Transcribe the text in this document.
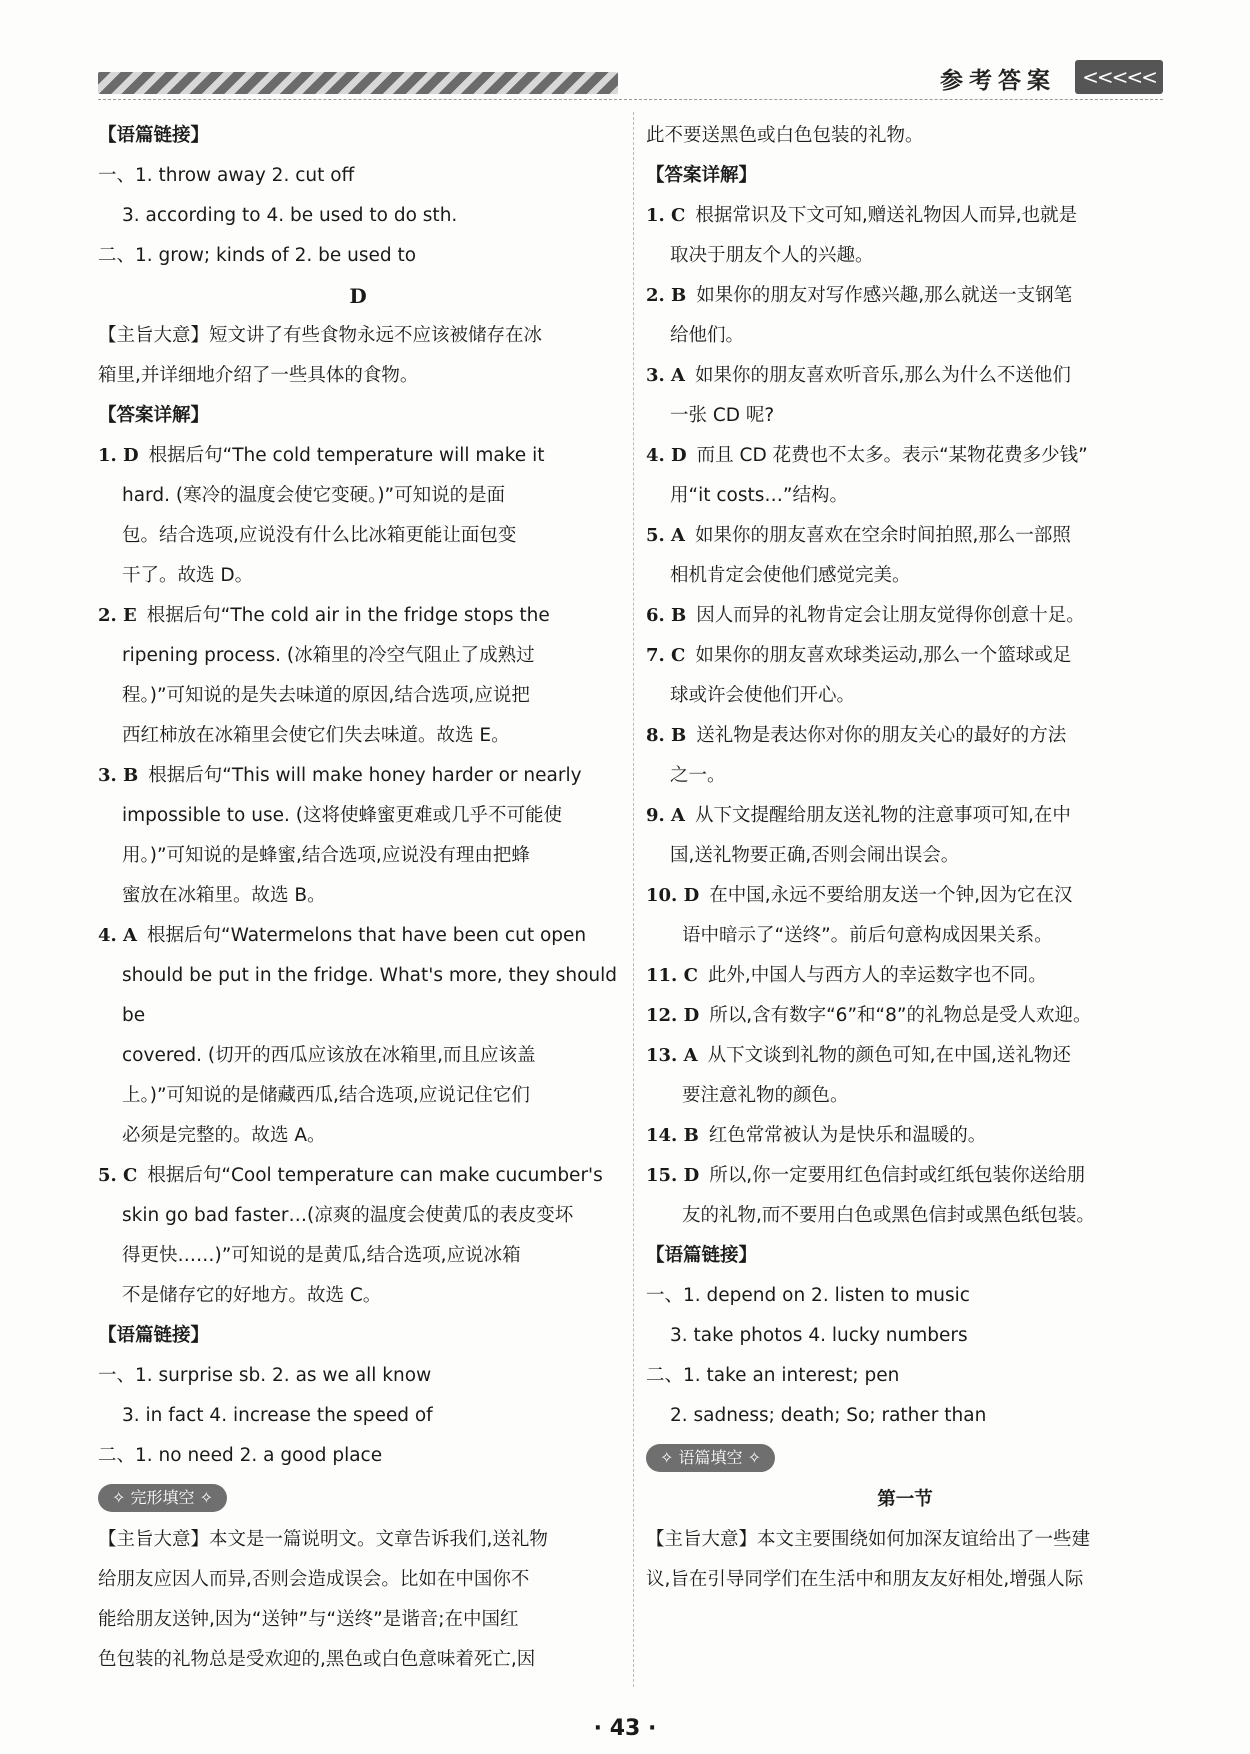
参考答案	<<<<<
【语篇链接】
一、1. throw away 2. cut off
3. according to 4. be used to do sth.
二、1. grow; kinds of 2. be used to
D
【主旨大意】短文讲了有些食物永远不应该被储存在冰
箱里,并详细地介绍了一些具体的食物。
【答案详解】
1. D 根据后句“The cold temperature will make it
hard. (寒冷的温度会使它变硬。)”可知说的是面
包。结合选项,应说没有什么比冰箱更能让面包变
干了。故选 D。
2. E 根据后句“The cold air in the fridge stops the
ripening process. (冰箱里的冷空气阻止了成熟过
程。)”可知说的是失去味道的原因,结合选项,应说把
西红柿放在冰箱里会使它们失去味道。故选 E。
3. B 根据后句“This will make honey harder or nearly
impossible to use. (这将使蜂蜜更难或几乎不可能使
用。)”可知说的是蜂蜜,结合选项,应说没有理由把蜂
蜜放在冰箱里。故选 B。
4. A 根据后句“Watermelons that have been cut open
should be put in the fridge. What's more, they should be
covered. (切开的西瓜应该放在冰箱里,而且应该盖
上。)”可知说的是储藏西瓜,结合选项,应说记住它们
必须是完整的。故选 A。
5. C 根据后句“Cool temperature can make cucumber's
skin go bad faster…(凉爽的温度会使黄瓜的表皮变坏
得更快……)”可知说的是黄瓜,结合选项,应说冰箱
不是储存它的好地方。故选 C。
【语篇链接】
一、1. surprise sb. 2. as we all know
3. in fact 4. increase the speed of
二、1. no need 2. a good place
✧ 完形填空 ✧
【主旨大意】本文是一篇说明文。文章告诉我们,送礼物
给朋友应因人而异,否则会造成误会。比如在中国你不
能给朋友送钟,因为“送钟”与“送终”是谐音;在中国红
色包装的礼物总是受欢迎的,黑色或白色意味着死亡,因
此不要送黑色或白色包装的礼物。
【答案详解】
1. C 根据常识及下文可知,赠送礼物因人而异,也就是
取决于朋友个人的兴趣。
2. B 如果你的朋友对写作感兴趣,那么就送一支钢笔
给他们。
3. A 如果你的朋友喜欢听音乐,那么为什么不送他们
一张 CD 呢?
4. D 而且 CD 花费也不太多。表示“某物花费多少钱”
用“it costs…”结构。
5. A 如果你的朋友喜欢在空余时间拍照,那么一部照
相机肯定会使他们感觉完美。
6. B 因人而异的礼物肯定会让朋友觉得你创意十足。
7. C 如果你的朋友喜欢球类运动,那么一个篮球或足
球或许会使他们开心。
8. B 送礼物是表达你对你的朋友关心的最好的方法
之一。
9. A 从下文提醒给朋友送礼物的注意事项可知,在中
国,送礼物要正确,否则会闹出误会。
10. D 在中国,永远不要给朋友送一个钟,因为它在汉
语中暗示了“送终”。前后句意构成因果关系。
11. C 此外,中国人与西方人的幸运数字也不同。
12. D 所以,含有数字“6”和“8”的礼物总是受人欢迎。
13. A 从下文谈到礼物的颜色可知,在中国,送礼物还
要注意礼物的颜色。
14. B 红色常常被认为是快乐和温暖的。
15. D 所以,你一定要用红色信封或红纸包装你送给朋
友的礼物,而不要用白色或黑色信封或黑色纸包装。
【语篇链接】
一、1. depend on 2. listen to music
3. take photos 4. lucky numbers
二、1. take an interest; pen
2. sadness; death; So; rather than
✧ 语篇填空 ✧
第一节
【主旨大意】本文主要围绕如何加深友谊给出了一些建
议,旨在引导同学们在生活中和朋友友好相处,增强人际
· 43 ·
